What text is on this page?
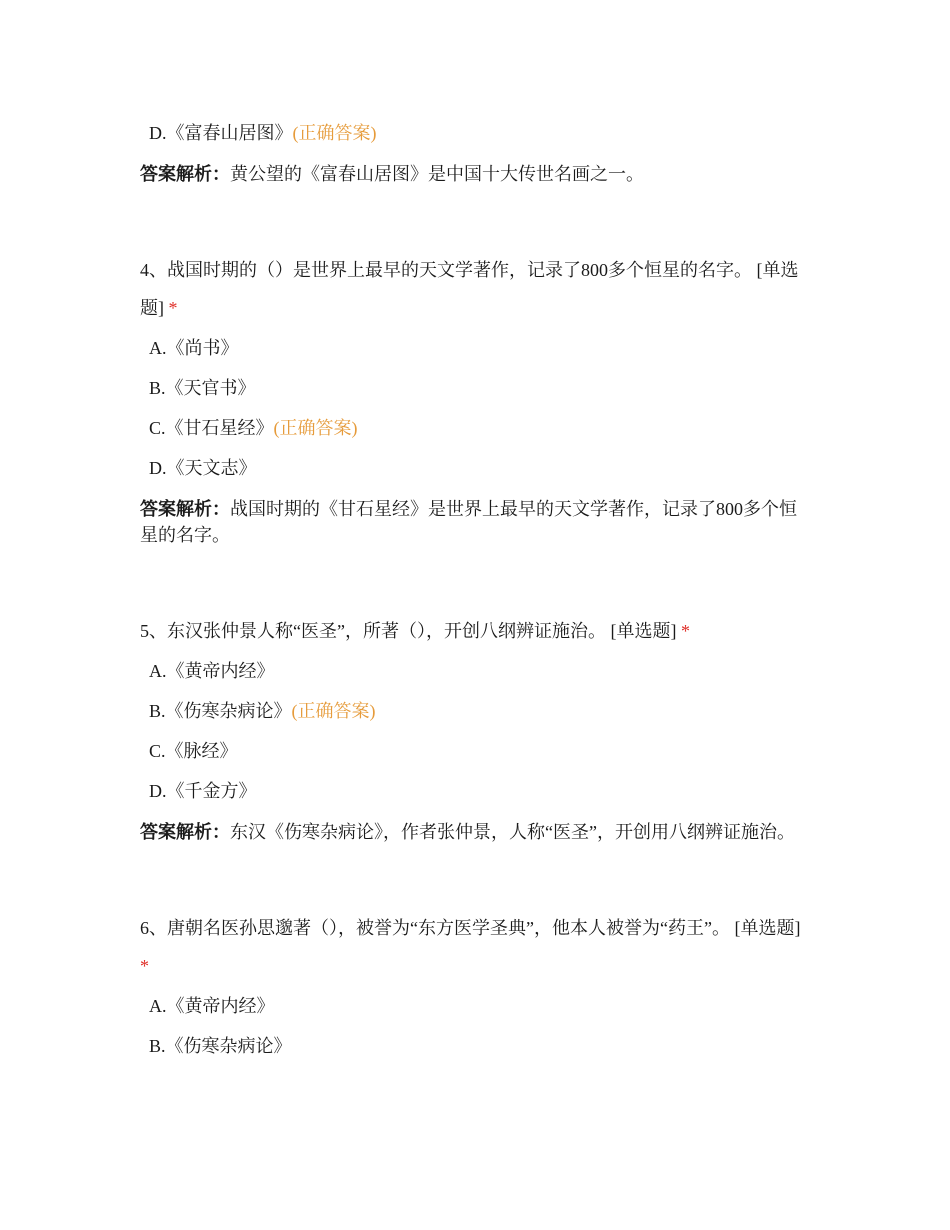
D.《富春山居图》(正确答案)
答案解析：黄公望的《富春山居图》是中国十大传世名画之一。
4、战国时期的（）是世界上最早的天文学著作，记录了800多个恒星的名字。 [单选题] *
A.《尚书》
B.《天官书》
C.《甘石星经》(正确答案)
D.《天文志》
答案解析：战国时期的《甘石星经》是世界上最早的天文学著作，记录了800多个恒星的名字。
5、东汉张仲景人称“医圣”，所著（），开创八纲辨证施治。 [单选题] *
A.《黄帝内经》
B.《伤寒杂病论》(正确答案)
C.《脉经》
D.《千金方》
答案解析：东汉《伤寒杂病论》，作者张仲景，人称“医圣”，开创用八纲辨证施治。
6、唐朝名医孙思邈著（），被誉为“东方医学圣典”，他本人被誉为“药王”。 [单选题] *
A.《黄帝内经》
B.《伤寒杂病论》
